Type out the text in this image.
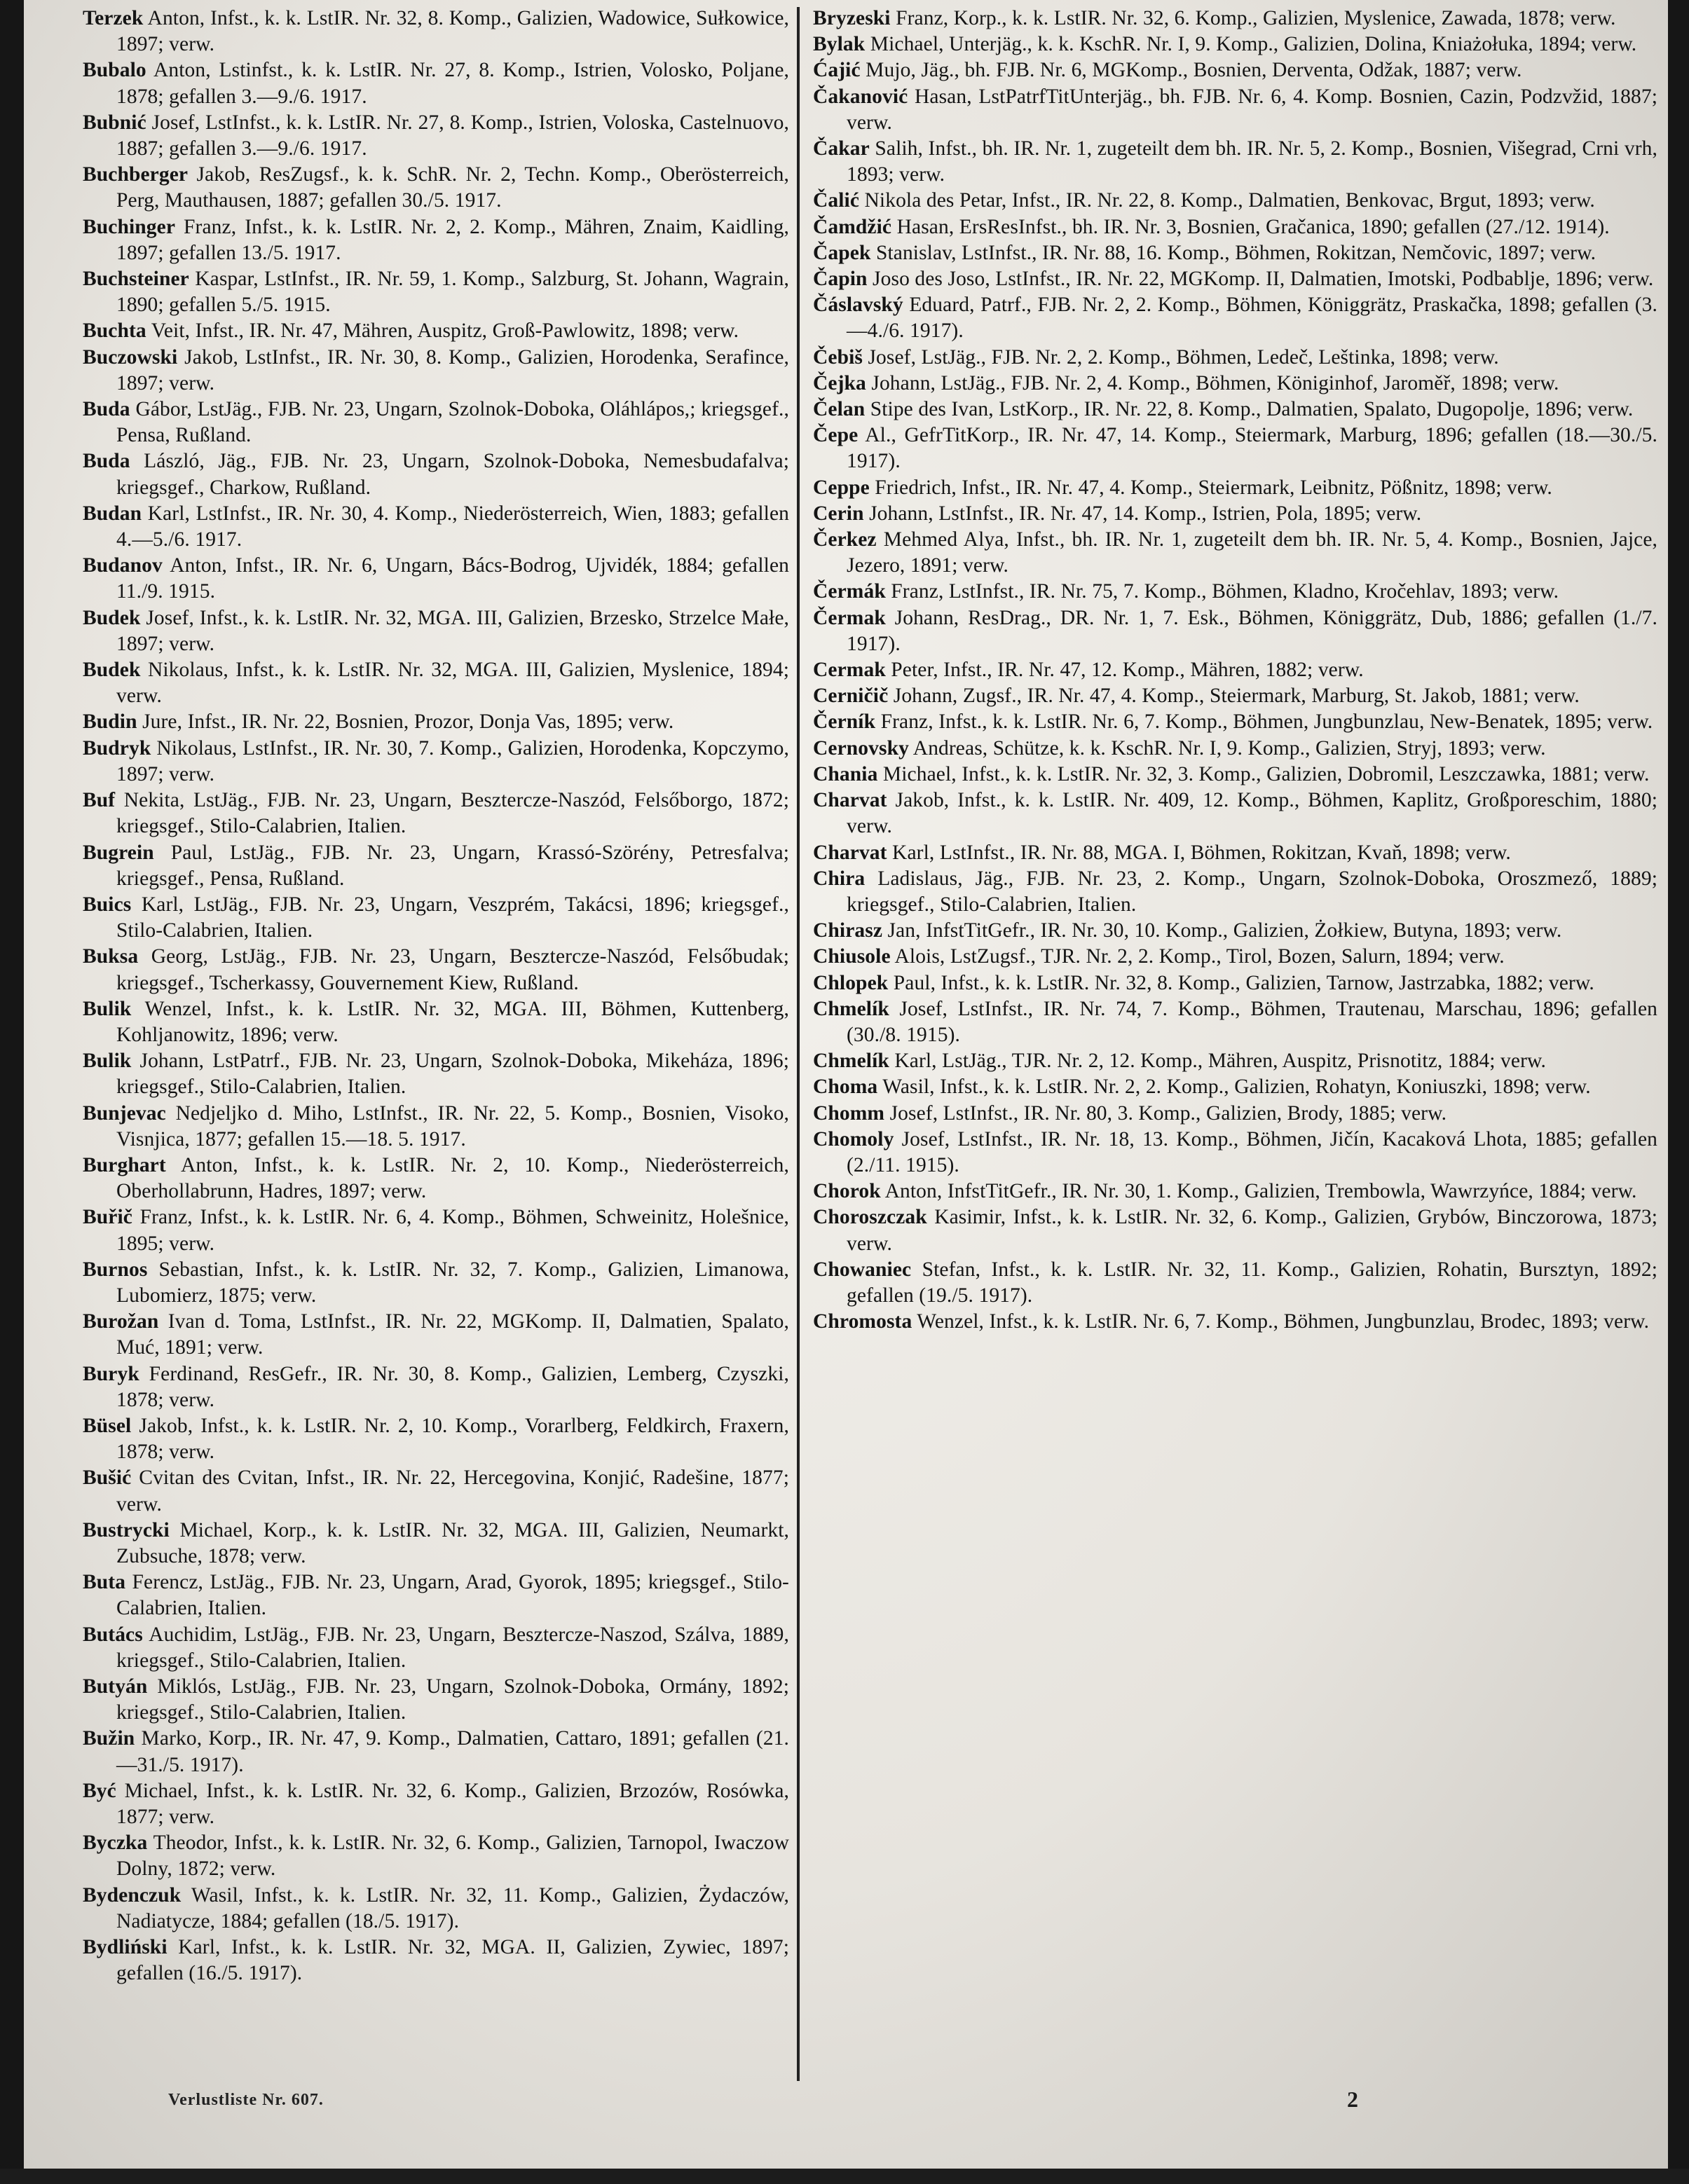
Terzek Anton, Infst., k. k. LstIR. Nr. 32, 8. Komp., Galizien, Wadowice, Sułkowice, 1897; verw.

Bubalo Anton, Lstinfst., k. k. LstIR. Nr. 27, 8. Komp., Istrien, Volosko, Poljane, 1878; gefallen 3.—9./6. 1917.

Bubnić Josef, LstInfst., k. k. LstIR. Nr. 27, 8. Komp., Istrien, Voloska, Castelnuovo, 1887; gefallen 3.—9./6. 1917.

Buchberger Jakob, ResZugsf., k. k. SchR. Nr. 2, Techn. Komp., Oberösterreich, Perg, Mauthausen, 1887; gefallen 30./5. 1917.

Buchinger Franz, Infst., k. k. LstIR. Nr. 2, 2. Komp., Mähren, Znaim, Kaidling, 1897; gefallen 13./5. 1917.

Buchsteiner Kaspar, LstInfst., IR. Nr. 59, 1. Komp., Salzburg, St. Johann, Wagrain, 1890; gefallen 5./5. 1915.

Buchta Veit, Infst., IR. Nr. 47, Mähren, Auspitz, Groß-Pawlowitz, 1898; verw.

Buczowski Jakob, LstInfst., IR. Nr. 30, 8. Komp., Galizien, Horodenka, Serafince, 1897; verw.

Buda Gábor, LstJäg., FJB. Nr. 23, Ungarn, Szolnok-Doboka, Oláhlápos,; kriegsgef., Pensa, Rußland.

Buda László, Jäg., FJB. Nr. 23, Ungarn, Szolnok-Doboka, Nemesbudafalva; kriegsgef., Charkow, Rußland.

Budan Karl, LstInfst., IR. Nr. 30, 4. Komp., Niederösterreich, Wien, 1883; gefallen 4.—5./6. 1917.

Budanov Anton, Infst., IR. Nr. 6, Ungarn, Bács-Bodrog, Ujvidék, 1884; gefallen 11./9. 1915.

Budek Josef, Infst., k. k. LstIR. Nr. 32, MGA. III, Galizien, Brzesko, Strzelce Małe, 1897; verw.

Budek Nikolaus, Infst., k. k. LstIR. Nr. 32, MGA. III, Galizien, Myslenice, 1894; verw.

Budin Jure, Infst., IR. Nr. 22, Bosnien, Prozor, Donja Vas, 1895; verw.

Budryk Nikolaus, LstInfst., IR. Nr. 30, 7. Komp., Galizien, Horodenka, Kopczymo, 1897; verw.

Buf Nekita, LstJäg., FJB. Nr. 23, Ungarn, Besztercze-Naszód, Felsőborgo, 1872; kriegsgef., Stilo-Calabrien, Italien.

Bugrein Paul, LstJäg., FJB. Nr. 23, Ungarn, Krassó-Szörény, Petresfalva; kriegsgef., Pensa, Rußland.

Buics Karl, LstJäg., FJB. Nr. 23, Ungarn, Veszprém, Takácsi, 1896; kriegsgef., Stilo-Calabrien, Italien.

Buksa Georg, LstJäg., FJB. Nr. 23, Ungarn, Besztercze-Naszód, Felsőbudak; kriegsgef., Tscherkassy, Gouvernement Kiew, Rußland.

Bulik Wenzel, Infst., k. k. LstIR. Nr. 32, MGA. III, Böhmen, Kuttenberg, Kohljanowitz, 1896; verw.

Bulik Johann, LstPatrf., FJB. Nr. 23, Ungarn, Szolnok-Doboka, Mikeháza, 1896; kriegsgef., Stilo-Calabrien, Italien.

Bunjevac Nedjeljko d. Miho, LstInfst., IR. Nr. 22, 5. Komp., Bosnien, Visoko, Visnjica, 1877; gefallen 15.—18. 5. 1917.

Burghart Anton, Infst., k. k. LstIR. Nr. 2, 10. Komp., Niederösterreich, Oberhollabrunn, Hadres, 1897; verw.

Buřič Franz, Infst., k. k. LstIR. Nr. 6, 4. Komp., Böhmen, Schweinitz, Holešnice, 1895; verw.

Burnos Sebastian, Infst., k. k. LstIR. Nr. 32, 7. Komp., Galizien, Limanowa, Lubomierz, 1875; verw.

Burožan Ivan d. Toma, LstInfst., IR. Nr. 22, MGKomp. II, Dalmatien, Spalato, Muć, 1891; verw.

Buryk Ferdinand, ResGefr., IR. Nr. 30, 8. Komp., Galizien, Lemberg, Czyszki, 1878; verw.

Büsel Jakob, Infst., k. k. LstIR. Nr. 2, 10. Komp., Vorarlberg, Feldkirch, Fraxern, 1878; verw.

Bušić Cvitan des Cvitan, Infst., IR. Nr. 22, Hercegovina, Konjić, Radešine, 1877; verw.

Bustrycki Michael, Korp., k. k. LstIR. Nr. 32, MGA. III, Galizien, Neumarkt, Zubsuche, 1878; verw.

Buta Ferencz, LstJäg., FJB. Nr. 23, Ungarn, Arad, Gyorok, 1895; kriegsgef., Stilo-Calabrien, Italien.

Butács Auchidim, LstJäg., FJB. Nr. 23, Ungarn, Besztercze-Naszod, Szálva, 1889, kriegsgef., Stilo-Calabrien, Italien.

Butyán Miklós, LstJäg., FJB. Nr. 23, Ungarn, Szolnok-Doboka, Ormány, 1892; kriegsgef., Stilo-Calabrien, Italien.

Bužin Marko, Korp., IR. Nr. 47, 9. Komp., Dalmatien, Cattaro, 1891; gefallen (21.—31./5. 1917).

Być Michael, Infst., k. k. LstIR. Nr. 32, 6. Komp., Galizien, Brzozów, Rosówka, 1877; verw.

Byczka Theodor, Infst., k. k. LstIR. Nr. 32, 6. Komp., Galizien, Tarnopol, Iwaczow Dolny, 1872; verw.

Bydenczuk Wasil, Infst., k. k. LstIR. Nr. 32, 11. Komp., Galizien, Żydaczów, Nadiatycze, 1884; gefallen (18./5. 1917).

Bydliński Karl, Infst., k. k. LstIR. Nr. 32, MGA. II, Galizien, Zywiec, 1897; gefallen (16./5. 1917).

Bryzeski Franz, Korp., k. k. LstIR. Nr. 32, 6. Komp., Galizien, Myslenice, Zawada, 1878; verw.

Bylak Michael, Unterjäg., k. k. KschR. Nr. I, 9. Komp., Galizien, Dolina, Kniażołuka, 1894; verw.

Ćajić Mujo, Jäg., bh. FJB. Nr. 6, MGKomp., Bosnien, Derventa, Odžak, 1887; verw.

Čakanović Hasan, LstPatrfTitUnterjäg., bh. FJB. Nr. 6, 4. Komp. Bosnien, Cazin, Podzvžid, 1887; verw.

Čakar Salih, Infst., bh. IR. Nr. 1, zugeteilt dem bh. IR. Nr. 5, 2. Komp., Bosnien, Višegrad, Crni vrh, 1893; verw.

Čalić Nikola des Petar, Infst., IR. Nr. 22, 8. Komp., Dalmatien, Benkovac, Brgut, 1893; verw.

Čamdžić Hasan, ErsResInfst., bh. IR. Nr. 3, Bosnien, Gračanica, 1890; gefallen (27./12. 1914).

Čapek Stanislav, LstInfst., IR. Nr. 88, 16. Komp., Böhmen, Rokitzan, Nemčovic, 1897; verw.

Čapin Joso des Joso, LstInfst., IR. Nr. 22, MGKomp. II, Dalmatien, Imotski, Podbablje, 1896; verw.

Čáslavský Eduard, Patrf., FJB. Nr. 2, 2. Komp., Böhmen, Königgrätz, Praskačka, 1898; gefallen (3.—4./6. 1917).

Čebiš Josef, LstJäg., FJB. Nr. 2, 2. Komp., Böhmen, Ledeč, Leštinka, 1898; verw.

Čejka Johann, LstJäg., FJB. Nr. 2, 4. Komp., Böhmen, Königinhof, Jaroměř, 1898; verw.

Čelan Stipe des Ivan, LstKorp., IR. Nr. 22, 8. Komp., Dalmatien, Spalato, Dugopolje, 1896; verw.

Čepe Al., GefrTitKorp., IR. Nr. 47, 14. Komp., Steiermark, Marburg, 1896; gefallen (18.—30./5. 1917).

Ceppe Friedrich, Infst., IR. Nr. 47, 4. Komp., Steiermark, Leibnitz, Pößnitz, 1898; verw.

Cerin Johann, LstInfst., IR. Nr. 47, 14. Komp., Istrien, Pola, 1895; verw.

Čerkez Mehmed Alya, Infst., bh. IR. Nr. 1, zugeteilt dem bh. IR. Nr. 5, 4. Komp., Bosnien, Jajce, Jezero, 1891; verw.

Čermák Franz, LstInfst., IR. Nr. 75, 7. Komp., Böhmen, Kladno, Kročehlav, 1893; verw.

Čermak Johann, ResDrag., DR. Nr. 1, 7. Esk., Böhmen, Königgrätz, Dub, 1886; gefallen (1./7. 1917).

Cermak Peter, Infst., IR. Nr. 47, 12. Komp., Mähren, 1882; verw.

Cerničič Johann, Zugsf., IR. Nr. 47, 4. Komp., Steiermark, Marburg, St. Jakob, 1881; verw.

Černík Franz, Infst., k. k. LstIR. Nr. 6, 7. Komp., Böhmen, Jungbunzlau, New-Benatek, 1895; verw.

Cernovsky Andreas, Schütze, k. k. KschR. Nr. I, 9. Komp., Galizien, Stryj, 1893; verw.

Chania Michael, Infst., k. k. LstIR. Nr. 32, 3. Komp., Galizien, Dobromil, Leszczawka, 1881; verw.

Charvat Jakob, Infst., k. k. LstIR. Nr. 409, 12. Komp., Böhmen, Kaplitz, Großporeschim, 1880; verw.

Charvat Karl, LstInfst., IR. Nr. 88, MGA. I, Böhmen, Rokitzan, Kvaň, 1898; verw.

Chira Ladislaus, Jäg., FJB. Nr. 23, 2. Komp., Ungarn, Szolnok-Doboka, Oroszmező, 1889; kriegsgef., Stilo-Calabrien, Italien.

Chirasz Jan, InfstTitGefr., IR. Nr. 30, 10. Komp., Galizien, Żołkiew, Butyna, 1893; verw.

Chiusole Alois, LstZugsf., TJR. Nr. 2, 2. Komp., Tirol, Bozen, Salurn, 1894; verw.

Chlopek Paul, Infst., k. k. LstIR. Nr. 32, 8. Komp., Galizien, Tarnow, Jastrzabka, 1882; verw.

Chmelík Josef, LstInfst., IR. Nr. 74, 7. Komp., Böhmen, Trautenau, Marschau, 1896; gefallen (30./8. 1915).

Chmelík Karl, LstJäg., TJR. Nr. 2, 12. Komp., Mähren, Auspitz, Prisnotitz, 1884; verw.

Choma Wasil, Infst., k. k. LstIR. Nr. 2, 2. Komp., Galizien, Rohatyn, Koniuszki, 1898; verw.

Chomm Josef, LstInfst., IR. Nr. 80, 3. Komp., Galizien, Brody, 1885; verw.

Chomoly Josef, LstInfst., IR. Nr. 18, 13. Komp., Böhmen, Jičín, Kacaková Lhota, 1885; gefallen (2./11. 1915).

Chorok Anton, InfstTitGefr., IR. Nr. 30, 1. Komp., Galizien, Trembowla, Wawrzyńce, 1884; verw.

Choroszczak Kasimir, Infst., k. k. LstIR. Nr. 32, 6. Komp., Galizien, Grybów, Binczorowa, 1873; verw.

Chowaniec Stefan, Infst., k. k. LstIR. Nr. 32, 11. Komp., Galizien, Rohatin, Bursztyn, 1892; gefallen (19./5. 1917).

Chromosta Wenzel, Infst., k. k. LstIR. Nr. 6, 7. Komp., Böhmen, Jungbunzlau, Brodec, 1893; verw.

Verlustliste Nr. 607.	2
